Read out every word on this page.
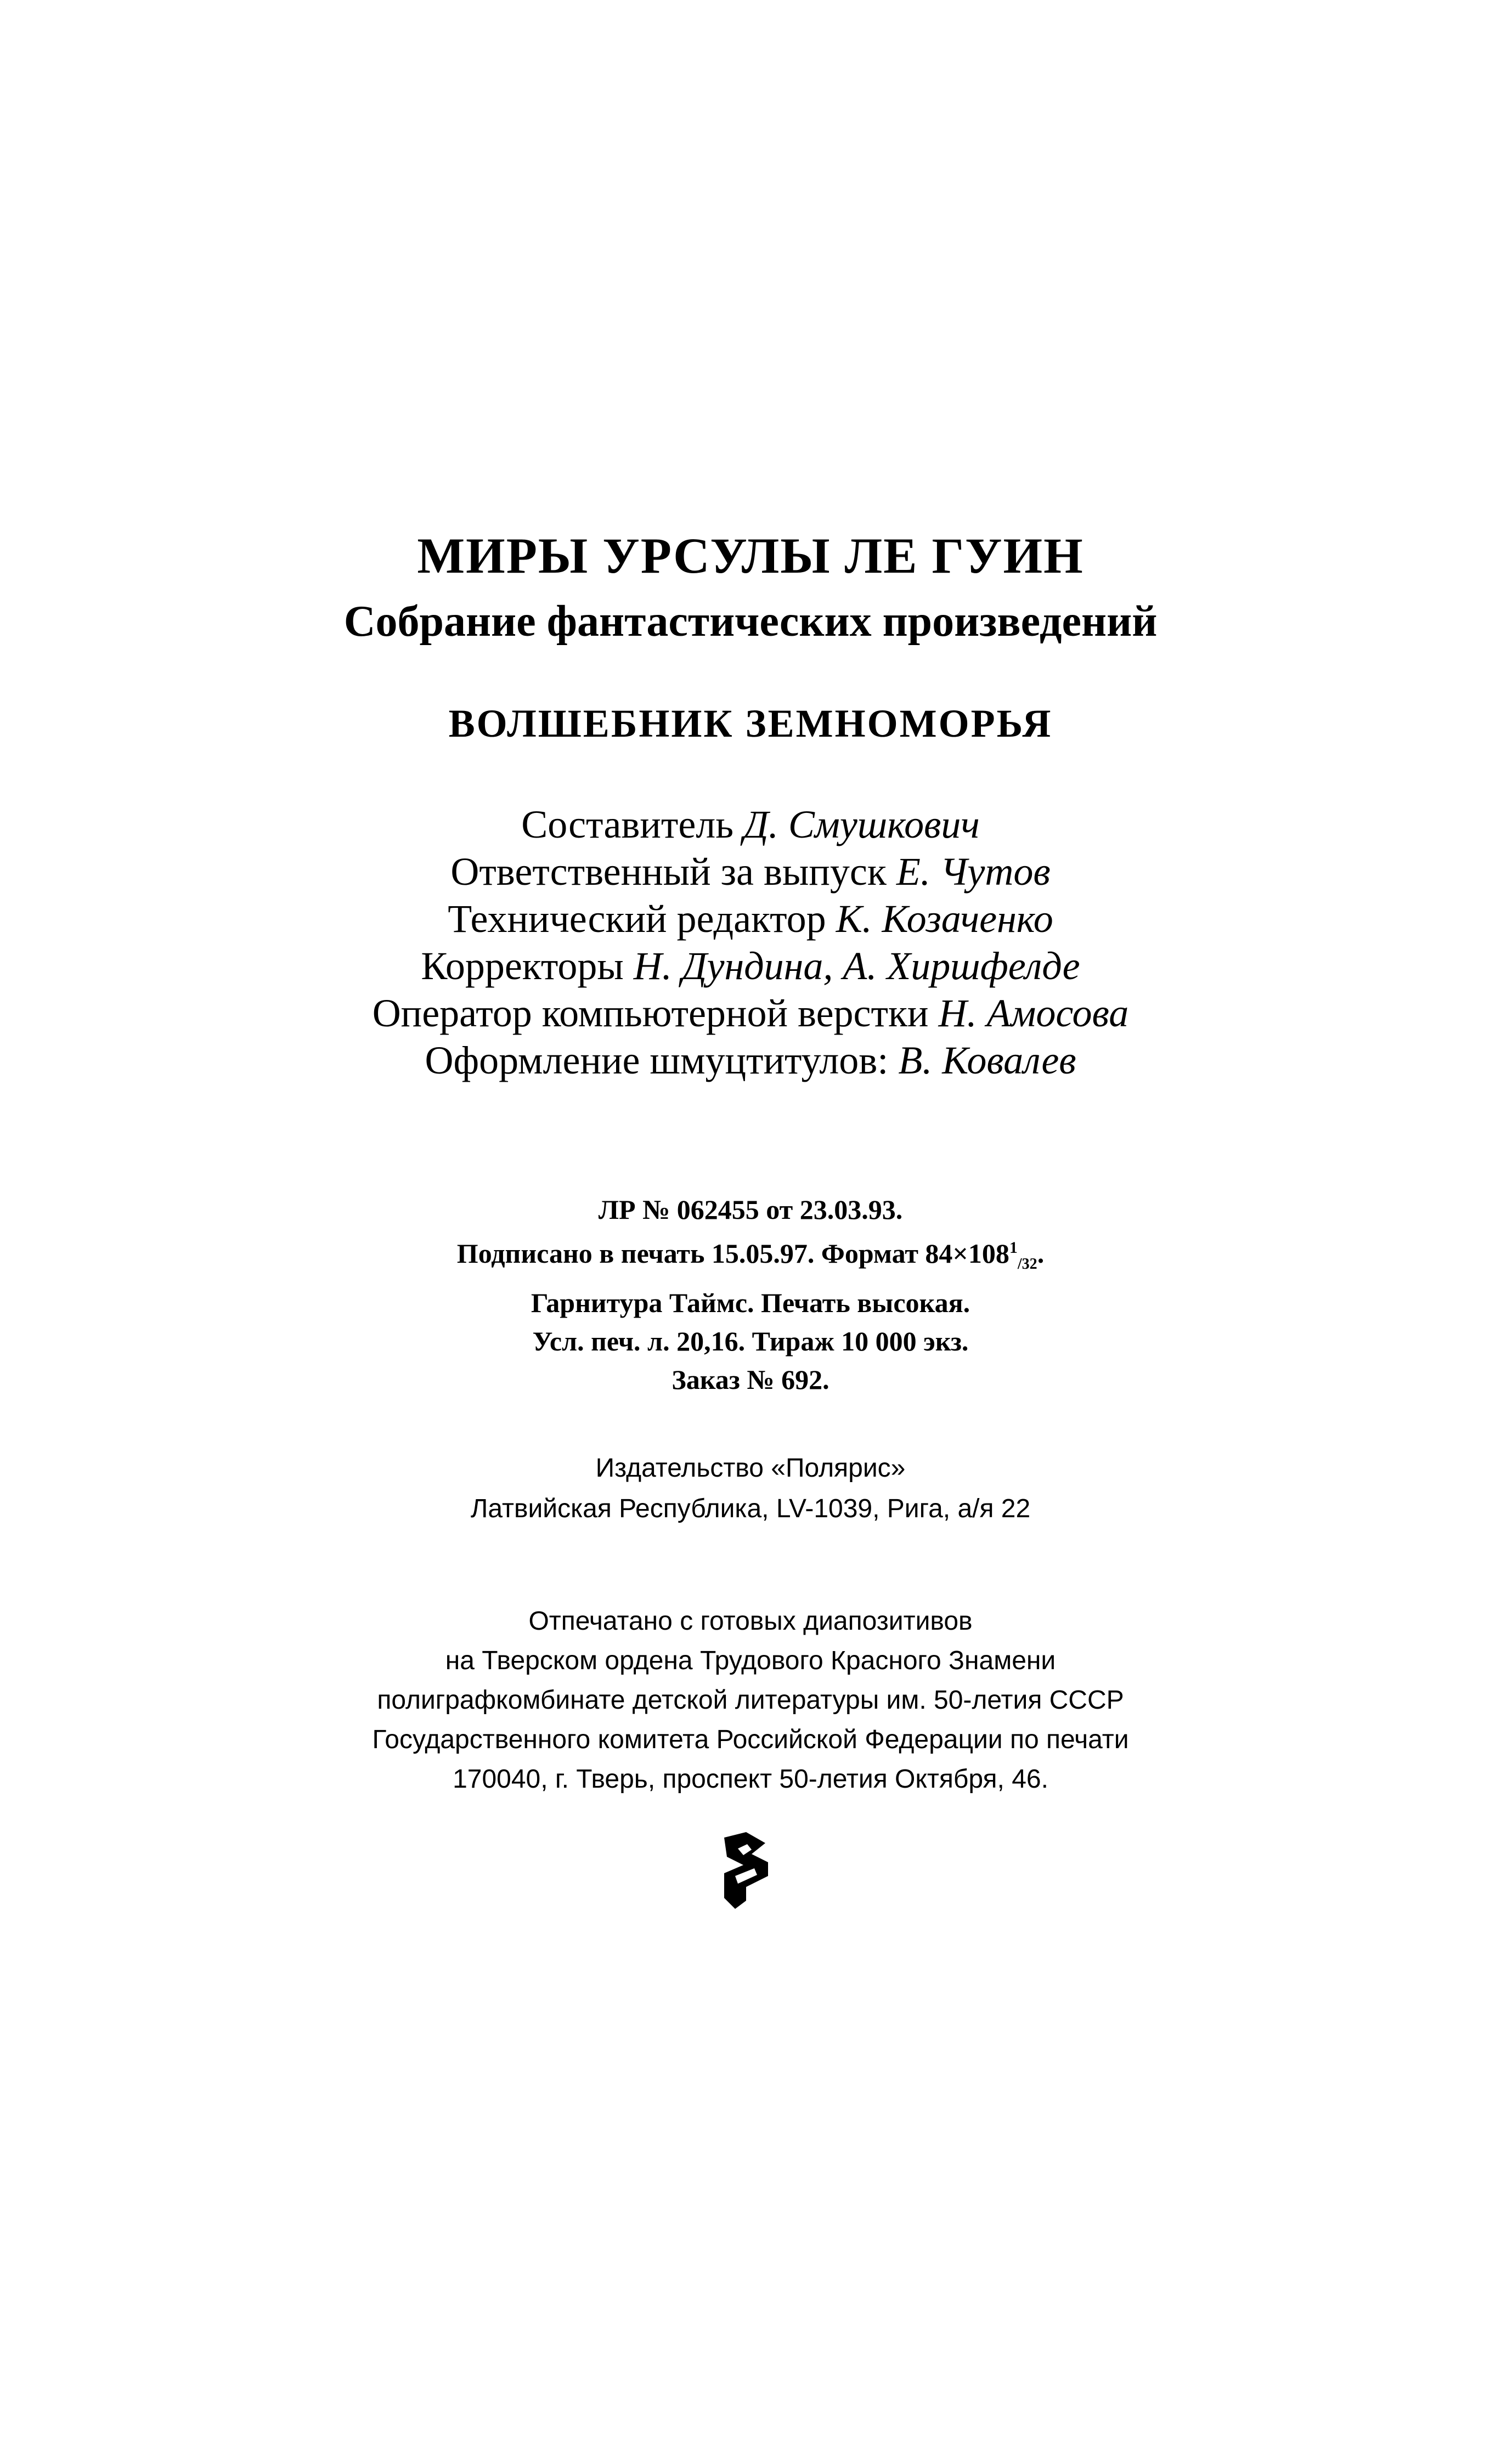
МИРЫ УРСУЛЫ ЛЕ ГУИН
Собрание фантастических произведений
ВОЛШЕБНИК ЗЕМНОМОРЬЯ
Составитель Д. Смушкович
Ответственный за выпуск Е. Чутов
Технический редактор К. Козаченко
Корректоры Н. Дундина, А. Хиршфелде
Оператор компьютерной верстки Н. Амосова
Оформление шмуцтитулов: В. Ковалев
ЛР № 062455 от 23.03.93.
Подписано в печать 15.05.97. Формат $84\times 108^1_{/32}$.
Гарнитура Таймс. Печать высокая.
Усл. печ. л. 20,16. Тираж 10 000 экз.
Заказ № 692.
Издательство «Полярис»
Латвийская Республика, LV-1039, Рига, а/я 22
Отпечатано с готовых диапозитивов
на Тверском ордена Трудового Красного Знамени
полиграфкомбинате детской литературы им. 50-летия СССР
Государственного комитета Российской Федерации по печати
170040, г. Тверь, проспект 50-летия Октября, 46.
